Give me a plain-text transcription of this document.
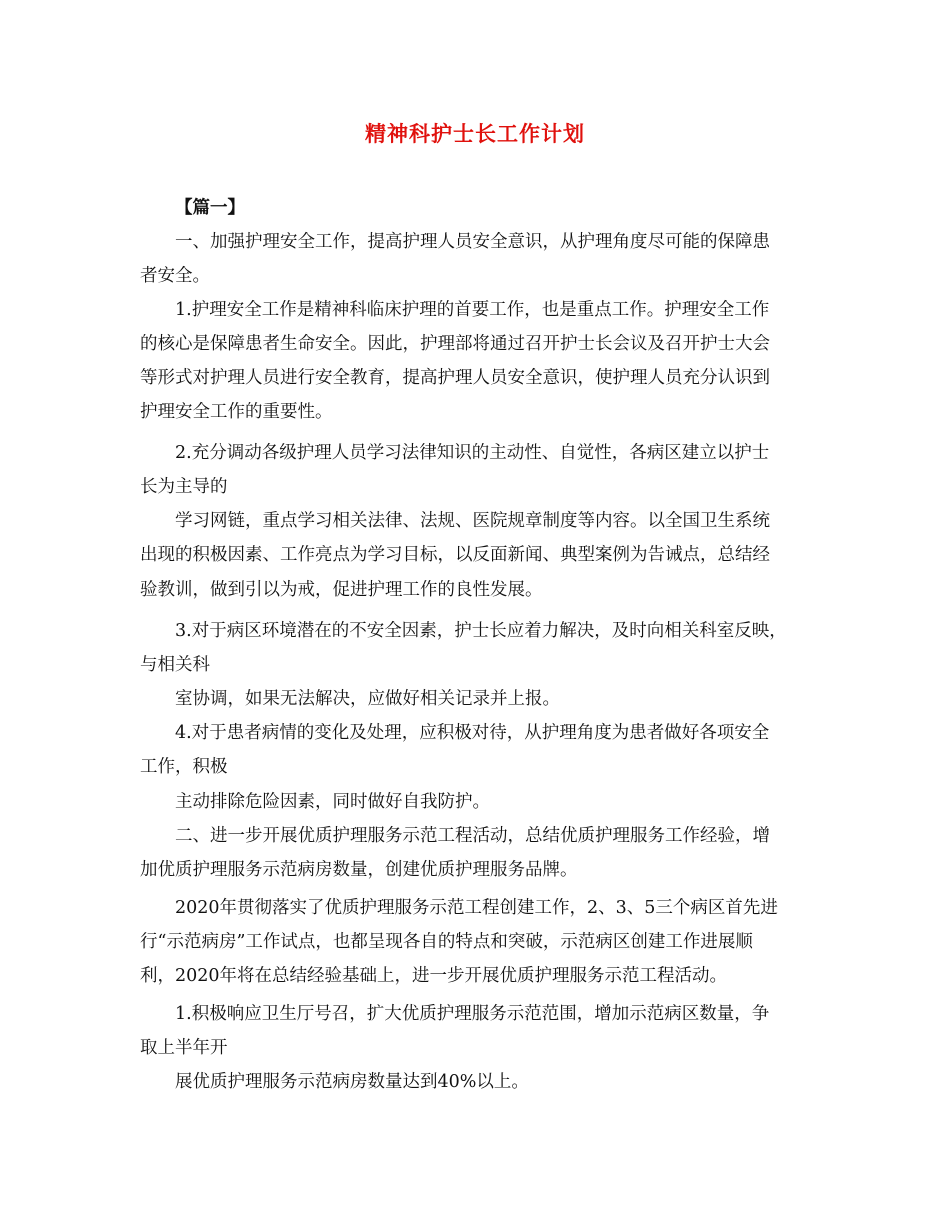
精神科护士长工作计划
【篇一】
一、加强护理安全工作，提高护理人员安全意识，从护理角度尽可能的保障患
者安全。
1.护理安全工作是精神科临床护理的首要工作，也是重点工作。护理安全工作
的核心是保障患者生命安全。因此，护理部将通过召开护士长会议及召开护士大会
等形式对护理人员进行安全教育，提高护理人员安全意识，使护理人员充分认识到
护理安全工作的重要性。
2.充分调动各级护理人员学习法律知识的主动性、自觉性，各病区建立以护士
长为主导的
学习网链，重点学习相关法律、法规、医院规章制度等内容。以全国卫生系统
出现的积极因素、工作亮点为学习目标，以反面新闻、典型案例为告诫点，总结经
验教训，做到引以为戒，促进护理工作的良性发展。
3.对于病区环境潜在的不安全因素，护士长应着力解决，及时向相关科室反映，
与相关科
室协调，如果无法解决，应做好相关记录并上报。
4.对于患者病情的变化及处理，应积极对待，从护理角度为患者做好各项安全
工作，积极
主动排除危险因素，同时做好自我防护。
二、进一步开展优质护理服务示范工程活动，总结优质护理服务工作经验，增
加优质护理服务示范病房数量，创建优质护理服务品牌。
2020年贯彻落实了优质护理服务示范工程创建工作，2、3、5三个病区首先进
行“示范病房”工作试点，也都呈现各自的特点和突破，示范病区创建工作进展顺
利，2020年将在总结经验基础上，进一步开展优质护理服务示范工程活动。
1.积极响应卫生厅号召，扩大优质护理服务示范范围，增加示范病区数量，争
取上半年开
展优质护理服务示范病房数量达到40%以上。
